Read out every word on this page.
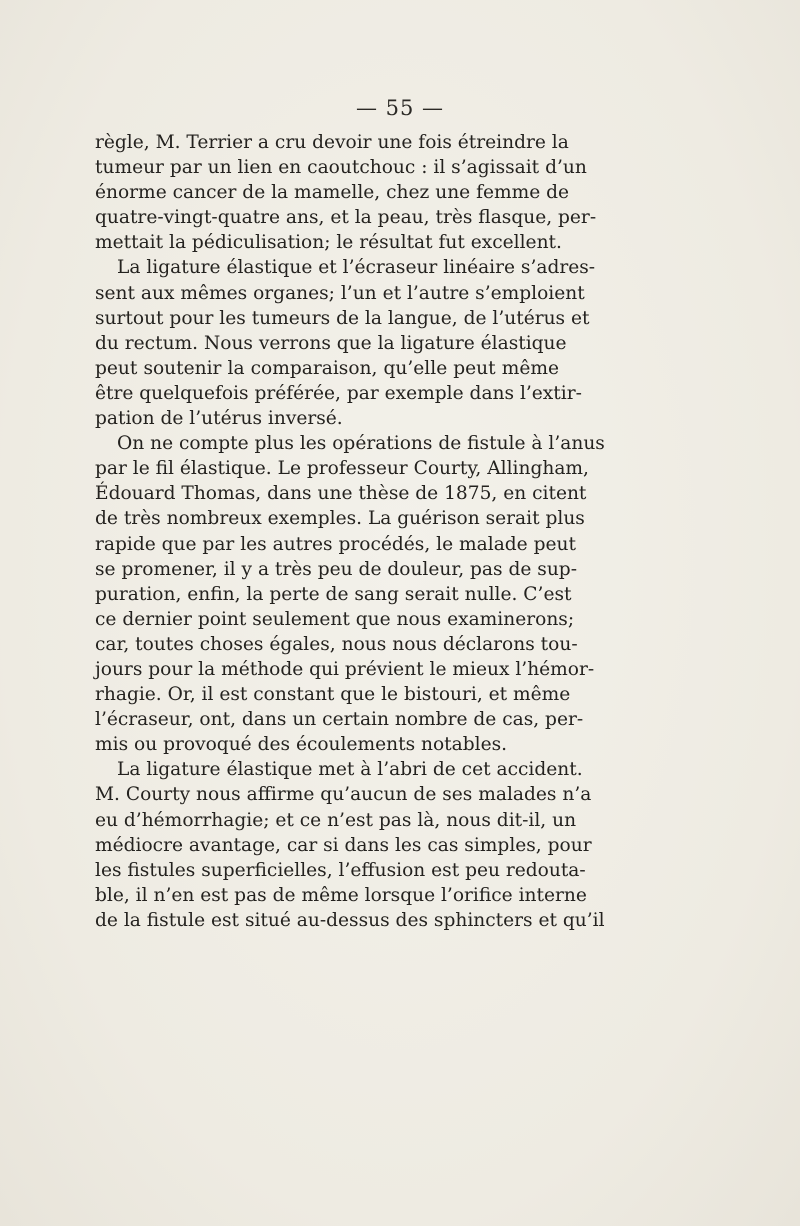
— 55 —
règle, M. Terrier a cru devoir une fois étreindre la
tumeur par un lien en caoutchouc : il s’agissait d’un
énorme cancer de la mamelle, chez une femme de
quatre-vingt-quatre ans, et la peau, très flasque, per-
mettait la pédiculisation; le résultat fut excellent.
La ligature élastique et l’écraseur linéaire s’adres-
sent aux mêmes organes; l’un et l’autre s’emploient
surtout pour les tumeurs de la langue, de l’utérus et
du rectum. Nous verrons que la ligature élastique
peut soutenir la comparaison, qu’elle peut même
être quelquefois préférée, par exemple dans l’extir-
pation de l’utérus inversé.
On ne compte plus les opérations de fistule à l’anus
par le fil élastique. Le professeur Courty, Allingham,
Édouard Thomas, dans une thèse de 1875, en citent
de très nombreux exemples. La guérison serait plus
rapide que par les autres procédés, le malade peut
se promener, il y a très peu de douleur, pas de sup-
puration, enfin, la perte de sang serait nulle. C’est
ce dernier point seulement que nous examinerons;
car, toutes choses égales, nous nous déclarons tou-
jours pour la méthode qui prévient le mieux l’hémor-
rhagie. Or, il est constant que le bistouri, et même
l’écraseur, ont, dans un certain nombre de cas, per-
mis ou provoqué des écoulements notables.
La ligature élastique met à l’abri de cet accident.
M. Courty nous affirme qu’aucun de ses malades n’a
eu d’hémorrhagie; et ce n’est pas là, nous dit-il, un
médiocre avantage, car si dans les cas simples, pour
les fistules superficielles, l’effusion est peu redouta-
ble, il n’en est pas de même lorsque l’orifice interne
de la fistule est situé au-dessus des sphincters et qu’il
